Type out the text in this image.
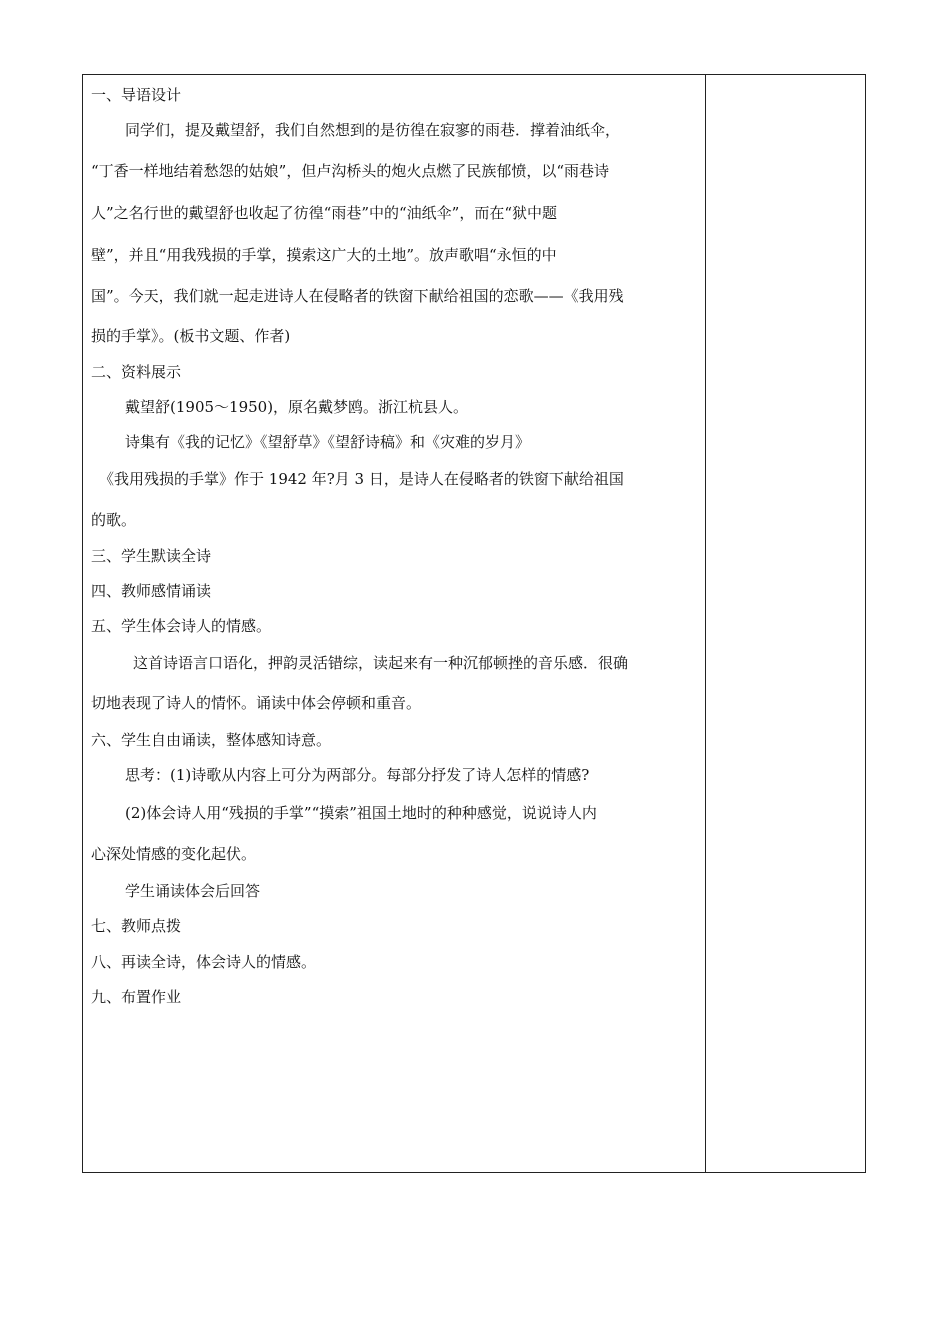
一、导语设计
同学们，提及戴望舒，我们自然想到的是彷徨在寂寥的雨巷．撑着油纸伞，
“丁香一样地结着愁怨的姑娘”，但卢沟桥头的炮火点燃了民族郁愤，以“雨巷诗
人”之名行世的戴望舒也收起了彷徨“雨巷”中的“油纸伞”，而在“狱中题
壁”，并且“用我残损的手掌，摸索这广大的土地”。放声歌唱“永恒的中
国”。今天，我们就一起走进诗人在侵略者的铁窗下献给祖国的恋歌——《我用残
损的手掌》。(板书文题、作者)
二、资料展示
戴望舒(1905～1950)，原名戴梦鸥。浙江杭县人。
诗集有《我的记忆》《望舒草》《望舒诗稿》和《灾难的岁月》
《我用残损的手掌》作于 1942 年?月 3 日，是诗人在侵略者的铁窗下献给祖国
的歌。
三、学生默读全诗
四、教师感情诵读
五、学生体会诗人的情感。
这首诗语言口语化，押韵灵活错综，读起来有一种沉郁顿挫的音乐感．很确
切地表现了诗人的情怀。诵读中体会停顿和重音。
六、学生自由诵读，整体感知诗意。
思考：(1)诗歌从内容上可分为两部分。每部分抒发了诗人怎样的情感?
(2)体会诗人用“残损的手掌”“摸索”祖国土地时的种种感觉，说说诗人内
心深处情感的变化起伏。
学生诵读体会后回答
七、教师点拨
八、再读全诗，体会诗人的情感。
九、布置作业
